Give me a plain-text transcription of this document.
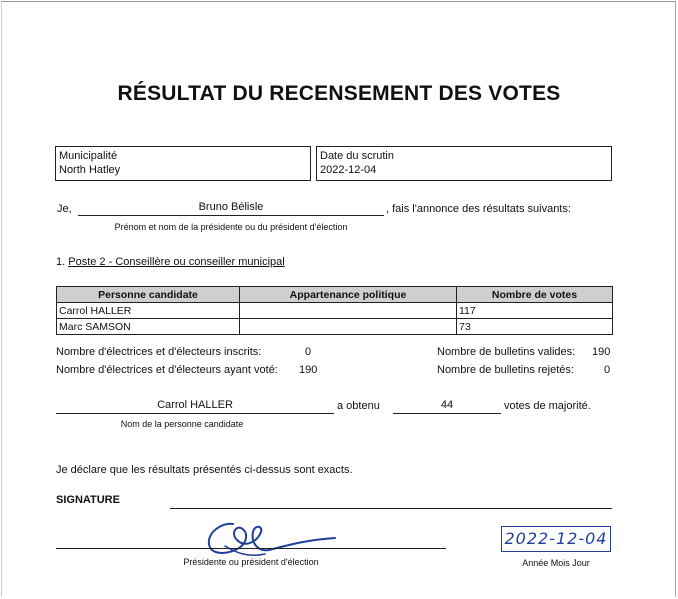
RÉSULTAT DU RECENSEMENT DES VOTES
Municipalité
North Hatley
Date du scrutin
2022-12-04
Je,	Bruno Bélisle	, fais l'annonce des résultats suivants:
Prénom et nom de la présidente ou du président d'élection
1. Poste 2 - Conseillère ou conseiller municipal
Personne candidate	Appartenance politique	Nombre de votes
Carrol HALLER		117
Marc SAMSON		73
Nombre d'électrices et d'électeurs inscrits:	0
Nombre d'électrices et d'électeurs ayant voté: 190
Nombre de bulletins valides: 190
Nombre de bulletins rejetés:	0
Carrol HALLER	a obtenu	44	votes de majorité.
Nom de la personne candidate
Je déclare que les résultats présentés ci-dessus sont exacts.
SIGNATURE
Présidente ou président d'élection
2022-12-04
Année Mois Jour
